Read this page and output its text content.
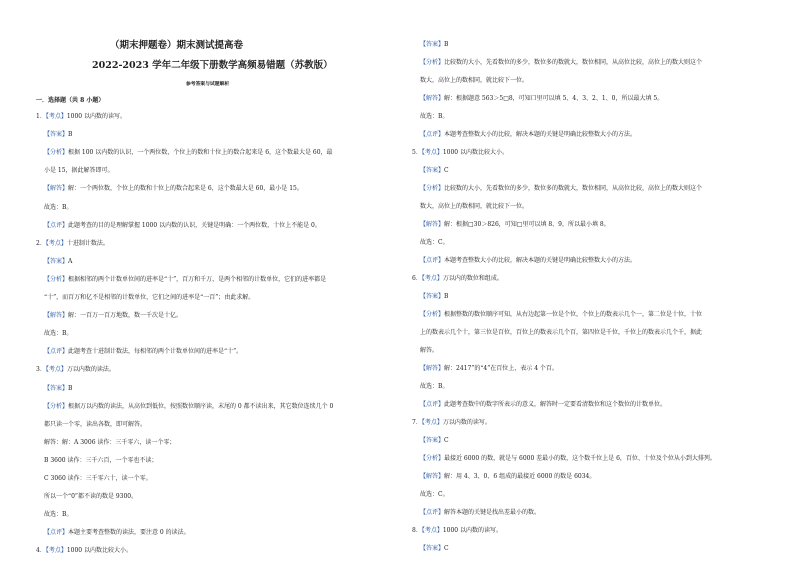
（期末押题卷）期末测试提高卷
2022-2023 学年二年级下册数学高频易错题（苏教版）
参考答案与试题解析
一．选择题（共 8 小题）
1．【考点】1000 以内数的读写。
【答案】B
【分析】根据 100 以内数的认识，一个两位数，个位上的数和十位上的数合起来是 6，这个数最大是 60，最
小是 15，据此解答即可。
【解答】解：一个两位数，个位上的数和十位上的数合起来是 6，这个数最大是 60，最小是 15。
故选：B。
【点评】此题考查的目的是理解掌握 1000 以内数的认识，关键是明确：一个两位数，十位上不能是 0。
2．【考点】十进制计数法。
【答案】A
【分析】根据相邻的两个计数单位间的进率是“十”，百万和千万，是两个相邻的计数单位，它们的进率都是
“十”，而百万和亿不是相邻的计数单位，它们之间的进率是“一百”；由此求解。
【解答】解：一百万一百万地数，数一千次是十亿。
故选：B。
【点评】此题考查十进制计数法，每相邻的两个计数单位间的进率是“十”。
3．【考点】万以内数的读法。
【答案】B
【分析】根据万以内数的读法，从高位到低位，按照数位顺序读，末尾的 0 都不读出来，其它数位连续几个 0
都只读一个零，读出各数，即可解答。
解答：解：A 3006 读作：三千零六，读一个零；
B 3600 读作：三千六百，一个零也不读；
C 3060 读作：三千零六十，读一个零。
所以一个“0”都不读的数是 9300。
故选：B。
【点评】本题主要考查整数的读法，要注意 0 的读法。
4．【考点】1000 以内数比较大小。
【答案】B
【分析】比较数的大小，先看数位的多少，数位多的数就大，数位相同，从高位比较，高位上的数大则这个
数大，高位上的数相同，就比较下一位。
【解答】解：根据题意 563＞5□8，可知口里可以填 5、4、3、2、1、0，所以最大填 5。
故选：B。
【点评】本题考查整数大小的比较，解决本题的关键是明确比较整数大小的方法。
5．【考点】1000 以内数比较大小。
【答案】C
【分析】比较数的大小，先看数位的多少，数位多的数就大，数位相同，从高位比较，高位上的数大则这个
数大，高位上的数相同，就比较下一位。
【解答】解：根据□30＞826，可知□里可以填 8、9，所以最小填 8。
故选：C。
【点评】本题考查整数大小的比较，解决本题的关键是明确比较整数大小的方法。
6．【考点】万以内的数位和组成。
【答案】B
【分析】根据整数的数位顺序可知，从右边起第一位是个位，个位上的数表示几个一，第二位是十位，十位
上的数表示几个十，第三位是百位，百位上的数表示几个百，第四位是千位，千位上的数表示几个千，据此
解答。
【解答】解：2417”的“4”在百位上，表示 4 个百。
故选：B。
【点评】此题考查数中的数字所表示的意义，解答时一定要看清数位和这个数位的计数单位。
7．【考点】万以内数的读写。
【答案】C
【分析】最接近 6000 的数，就是与 6000 差最小的数，这个数千位上是 6，百位、十位及个位从小到大排列。
【解答】解：用 4、3、0、6 组成的最接近 6000 的数是 6034。
故选：C。
【点评】解答本题的关键是找出差最小的数。
8．【考点】1000 以内数的读写。
【答案】C
